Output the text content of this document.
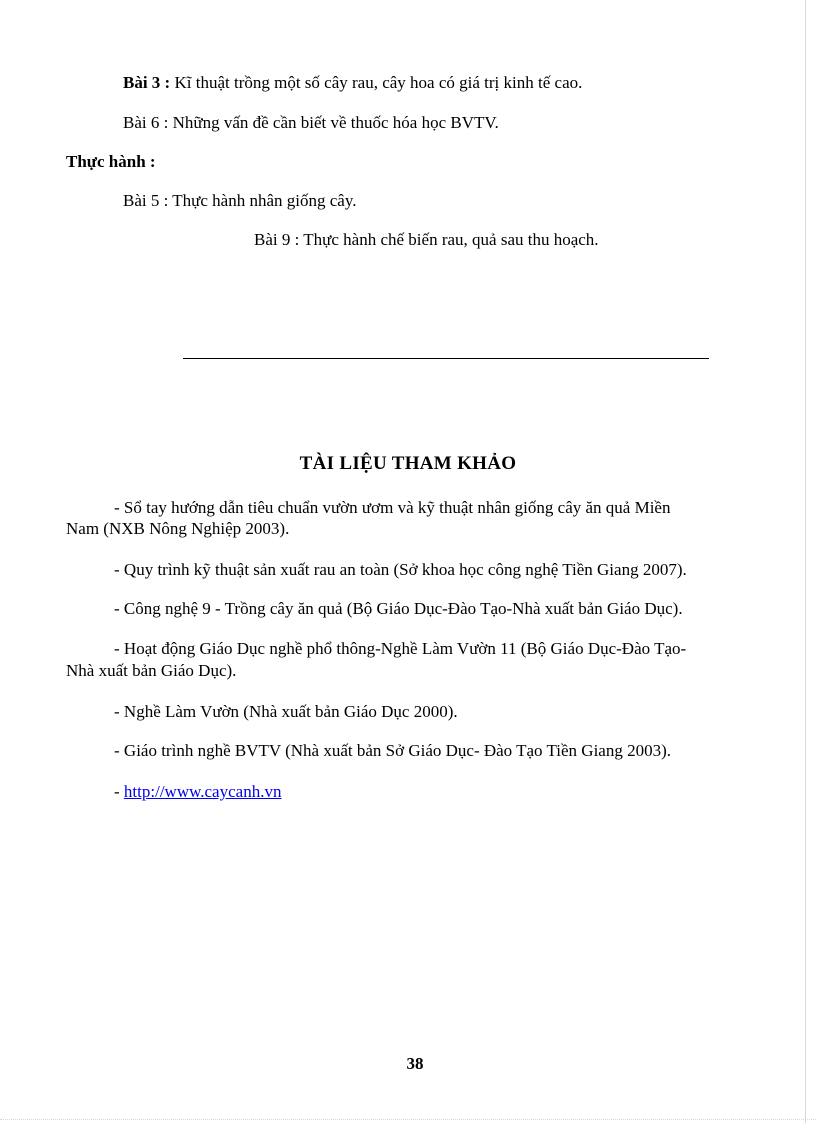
Bài 3 : Kĩ thuật trồng một số cây rau, cây hoa có giá trị kinh tế cao.
Bài 6 : Những vấn đề cần biết về thuốc hóa học BVTV.
Thực hành :
Bài 5 : Thực hành nhân giống cây.
Bài 9 : Thực hành chế biến rau, quả sau thu hoạch.
TÀI LIỆU THAM KHẢO
- Sổ tay hướng dẫn tiêu chuẩn vườn ươm và kỹ thuật nhân giống cây ăn quả Miền
Nam (NXB Nông Nghiệp 2003).
- Quy trình kỹ thuật sản xuất rau an toàn (Sở khoa học công nghệ Tiền Giang 2007).
- Công nghệ 9 - Trồng cây ăn quả (Bộ Giáo Dục-Đào Tạo-Nhà xuất bản Giáo Dục).
- Hoạt động Giáo Dục nghề phổ thông-Nghề Làm Vườn 11 (Bộ Giáo Dục-Đào Tạo-
Nhà xuất bản Giáo Dục).
- Nghề Làm Vườn (Nhà xuất bản Giáo Dục 2000).
- Giáo trình nghề BVTV (Nhà xuất bản Sở Giáo Dục- Đào Tạo Tiền Giang 2003).
- http://www.caycanh.vn
38
